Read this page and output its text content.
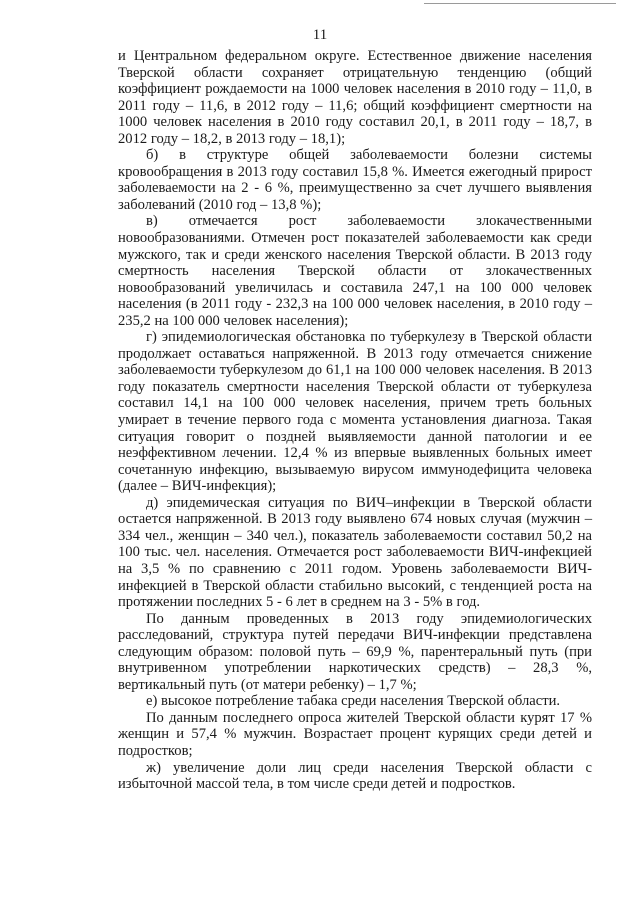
11

и Центральном федеральном округе. Естественное движение населения Тверской области сохраняет отрицательную тенденцию (общий коэффициент рождаемости на 1000 человек населения в 2010 году – 11,0, в 2011 году – 11,6, в 2012 году – 11,6; общий коэффициент смертности на 1000 человек населения в 2010 году составил 20,1, в 2011 году – 18,7, в 2012 году – 18,2, в 2013 году – 18,1);

б) в структуре общей заболеваемости болезни системы кровообращения в 2013 году составил 15,8 %. Имеется ежегодный прирост заболеваемости на 2 - 6 %, преимущественно за счет лучшего выявления заболеваний (2010 год – 13,8 %);

в) отмечается рост заболеваемости злокачественными новообразованиями. Отмечен рост показателей заболеваемости как среди мужского, так и среди женского населения Тверской области. В 2013 году смертность населения Тверской области от злокачественных новообразований увеличилась и составила 247,1 на 100 000 человек населения (в 2011 году - 232,3 на 100 000 человек населения, в 2010 году – 235,2 на 100 000 человек населения);

г) эпидемиологическая обстановка по туберкулезу в Тверской области продолжает оставаться напряженной. В 2013 году отмечается снижение заболеваемости туберкулезом до 61,1 на 100 000 человек населения. В 2013 году показатель смертности населения Тверской области от туберкулеза составил 14,1 на 100 000 человек населения, причем треть больных умирает в течение первого года с момента установления диагноза. Такая ситуация говорит о поздней выявляемости данной патологии и ее неэффективном лечении. 12,4 % из впервые выявленных больных имеет сочетанную инфекцию, вызываемую вирусом иммунодефицита человека (далее – ВИЧ-инфекция);

д) эпидемическая ситуация по ВИЧ–инфекции в Тверской области остается напряженной. В 2013 году выявлено 674 новых случая (мужчин – 334 чел., женщин – 340 чел.), показатель заболеваемости составил 50,2 на 100 тыс. чел. населения. Отмечается рост заболеваемости ВИЧ-инфекцией на 3,5 % по сравнению с 2011 годом. Уровень заболеваемости ВИЧ-инфекцией в Тверской области стабильно высокий, с тенденцией роста на протяжении последних 5 - 6 лет в среднем на 3 - 5% в год.

По данным проведенных в 2013 году эпидемиологических расследований, структура путей передачи ВИЧ-инфекции представлена следующим образом: половой путь – 69,9 %, парентеральный путь (при внутривенном употреблении наркотических средств) – 28,3 %, вертикальный путь (от матери ребенку) – 1,7 %;

е) высокое потребление табака среди населения Тверской области.

По данным последнего опроса жителей Тверской области курят 17 % женщин и 57,4 % мужчин. Возрастает процент курящих среди детей и подростков;

ж) увеличение доли лиц среди населения Тверской области с избыточной массой тела, в том числе среди детей и подростков.
